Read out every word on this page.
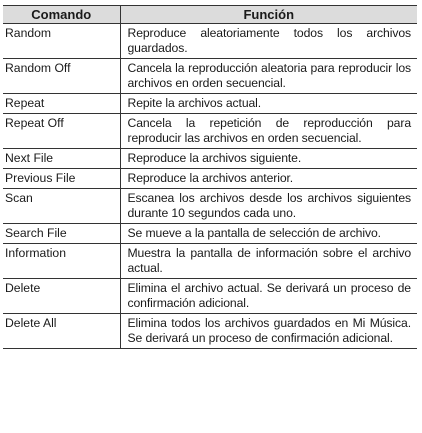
Comando	Función
Random	Reproduce aleatoriamente todos los archivos guardados.
Random Off	Cancela la reproducción aleatoria para reproducir los archivos en orden secuencial.
Repeat	Repite la archivos actual.
Repeat Off	Cancela la repetición de reproducción para reproducir las archivos en orden secuencial.
Next File	Reproduce la archivos siguiente.
Previous File	Reproduce la archivos anterior.
Scan	Escanea los archivos desde los archivos siguientes durante 10 segundos cada uno.
Search File	Se mueve a la pantalla de selección de archivo.
Information	Muestra la pantalla de información sobre el archivo actual.
Delete	Elimina el archivo actual. Se derivará un proceso de confirmación adicional.
Delete All	Elimina todos los archivos guardados en Mi Música. Se derivará un proceso de confirmación adicional.
